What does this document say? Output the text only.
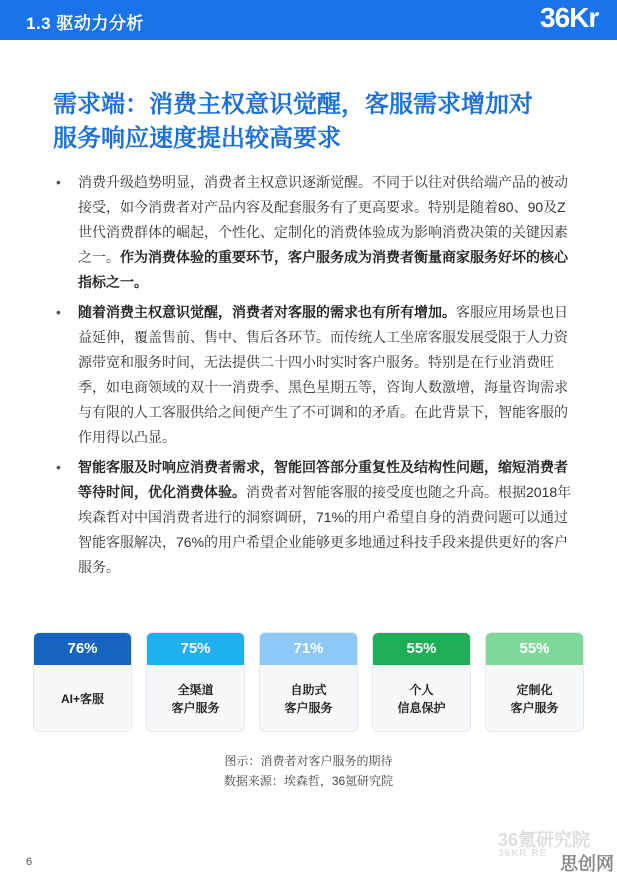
1.3 驱动力分析	36Kr
需求端：消费主权意识觉醒，客服需求增加对
服务响应速度提出较高要求
• 消费升级趋势明显，消费者主权意识逐渐觉醒。不同于以往对供给端产品的被动接受，如今消费者对产品内容及配套服务有了更高要求。特别是随着80、90及Z世代消费群体的崛起，个性化、定制化的消费体验成为影响消费决策的关键因素之一。作为消费体验的重要环节，客户服务成为消费者衡量商家服务好坏的核心指标之一。
• 随着消费主权意识觉醒，消费者对客服的需求也有所有增加。客服应用场景也日益延伸，覆盖售前、售中、售后各环节。而传统人工坐席客服发展受限于人力资源带宽和服务时间，无法提供二十四小时实时客户服务。特别是在行业消费旺季，如电商领域的双十一消费季、黑色星期五等，咨询人数激增，海量咨询需求与有限的人工客服供给之间便产生了不可调和的矛盾。在此背景下，智能客服的作用得以凸显。
• 智能客服及时响应消费者需求，智能回答部分重复性及结构性问题，缩短消费者等待时间，优化消费体验。消费者对智能客服的接受度也随之升高。根据2018年埃森哲对中国消费者进行的洞察调研，71%的用户希望自身的消费问题可以通过智能客服解决，76%的用户希望企业能够更多地通过科技手段来提供更好的客户服务。
76%
AI+客服
75%
全渠道
客户服务
71%
自助式
客户服务
55%
个人
信息保护
55%
定制化
客户服务
图示：消费者对客户服务的期待
数据来源：埃森哲，36氪研究院
6
36氪研究院
36KR RE
思创网
